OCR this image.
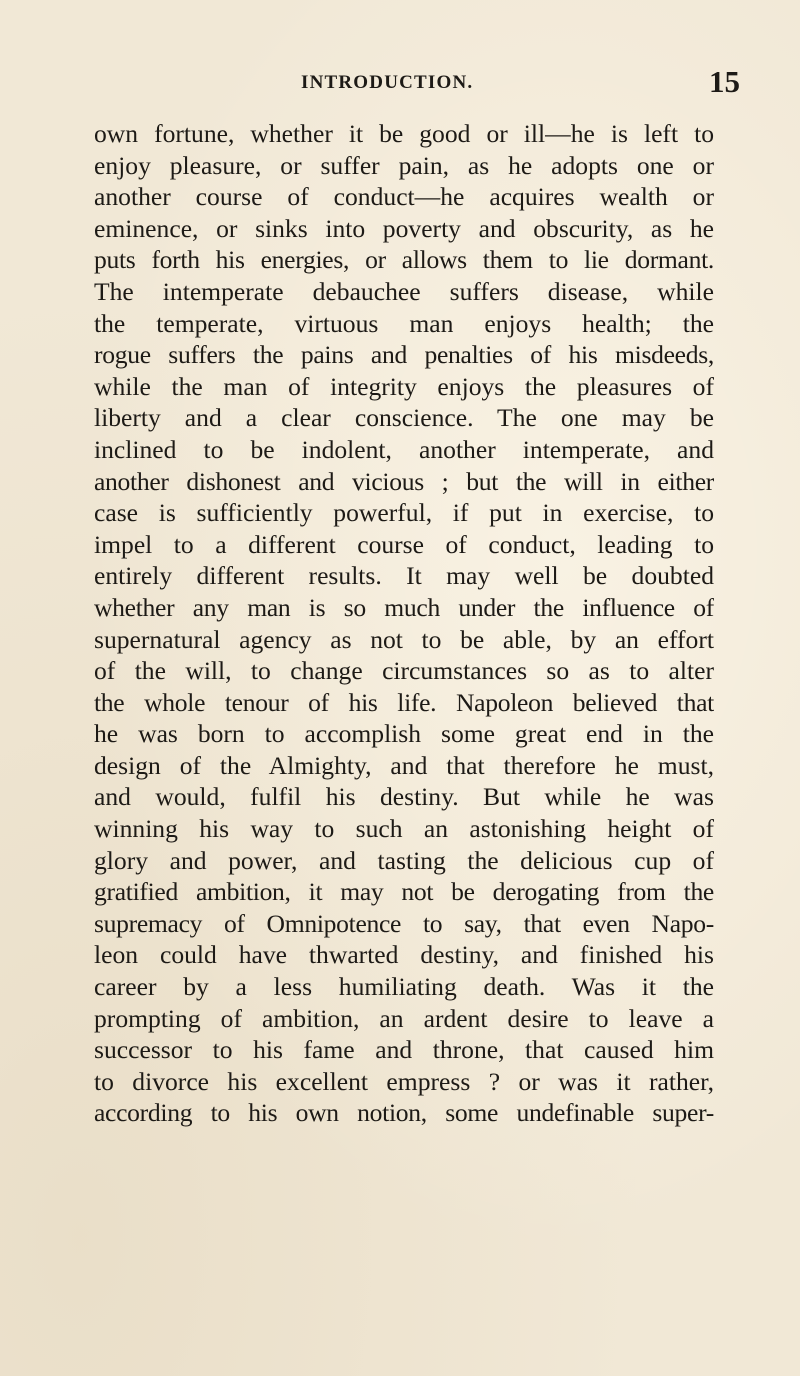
INTRODUCTION.	15
own fortune, whether it be good or ill—he is left to
enjoy pleasure, or suffer pain, as he adopts one or
another course of conduct—he acquires wealth or
eminence, or sinks into poverty and obscurity, as he
puts forth his energies, or allows them to lie dormant.
The intemperate debauchee suffers disease, while
the temperate, virtuous man enjoys health; the
rogue suffers the pains and penalties of his misdeeds,
while the man of integrity enjoys the pleasures of
liberty and a clear conscience. The one may be
inclined to be indolent, another intemperate, and
another dishonest and vicious ; but the will in either
case is sufficiently powerful, if put in exercise, to
impel to a different course of conduct, leading to
entirely different results. It may well be doubted
whether any man is so much under the influence of
supernatural agency as not to be able, by an effort
of the will, to change circumstances so as to alter
the whole tenour of his life. Napoleon believed that
he was born to accomplish some great end in the
design of the Almighty, and that therefore he must,
and would, fulfil his destiny. But while he was
winning his way to such an astonishing height of
glory and power, and tasting the delicious cup of
gratified ambition, it may not be derogating from the
supremacy of Omnipotence to say, that even Napo-
leon could have thwarted destiny, and finished his
career by a less humiliating death. Was it the
prompting of ambition, an ardent desire to leave a
successor to his fame and throne, that caused him
to divorce his excellent empress ? or was it rather,
according to his own notion, some undefinable super-
